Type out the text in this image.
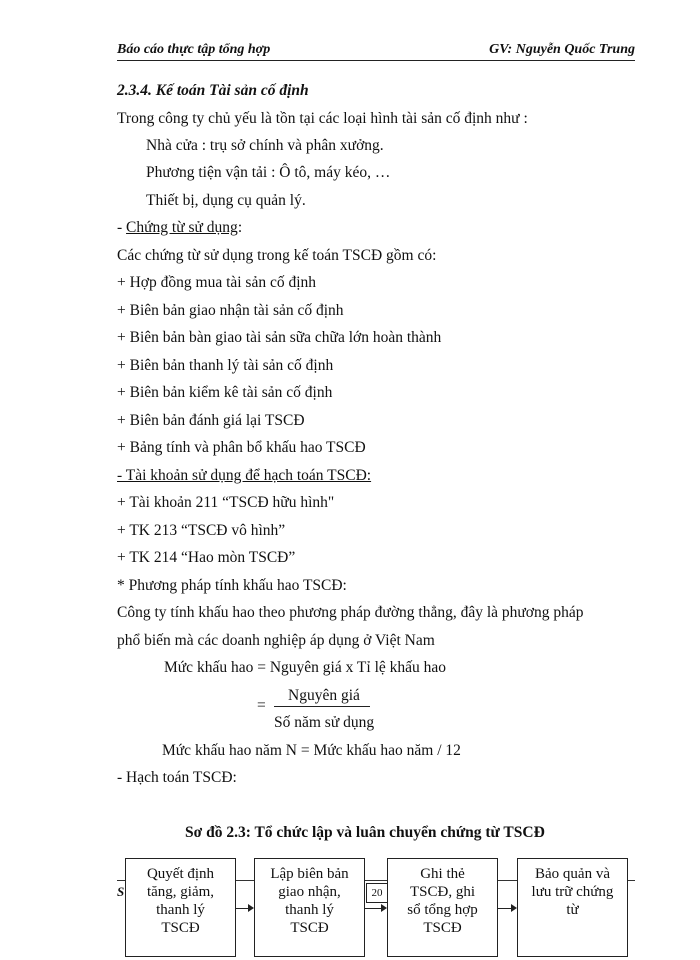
Báo cáo thực tập tổng hợp	GV: Nguyễn Quốc Trung
2.3.4. Kế toán Tài sản cố định
Trong công ty chủ yếu là tồn tại các loại hình tài sản cố định như :
Nhà cửa : trụ sở chính và phân xưởng.
Phương tiện vận tải : Ô tô, máy kéo, …
Thiết bị, dụng cụ quản lý.
- Chứng từ sử dụng:
Các chứng từ sử dụng trong kế toán TSCĐ gồm có:
+ Hợp đồng mua tài sản cố định
+ Biên bản giao nhận tài sản cố định
+ Biên bản bàn giao tài sản sữa chữa lớn hoàn thành
+ Biên bản thanh lý tài sản cố định
+ Biên bản kiểm kê tài sản cố định
+ Biên bản đánh giá lại TSCĐ
+ Bảng tính và phân bổ khấu hao TSCĐ
- Tài khoản sử dụng để hạch toán TSCĐ:
+ Tài khoản 211 “TSCĐ hữu hình"
+ TK 213 “TSCĐ vô hình”
+ TK 214 “Hao mòn TSCĐ”
* Phương pháp tính khấu hao TSCĐ:
Công ty tính khấu hao theo phương pháp đường thẳng, đây là phương pháp
phổ biến mà các doanh nghiệp áp dụng ở Việt Nam
Mức khấu hao = Nguyên giá x Tỉ lệ khấu hao
=
Nguyên giá
Số năm sử dụng
Mức khấu hao năm N = Mức khấu hao năm / 12
- Hạch toán TSCĐ:
Sơ đồ 2.3: Tổ chức lập và luân chuyển chứng từ TSCĐ
S
Quyết định
tăng, giảm,
thanh lý
TSCĐ
Lập biên bản
giao nhận,
thanh lý
TSCĐ
Ghi thẻ
TSCĐ, ghi
sổ tổng hợp
TSCĐ
Bảo quản và
lưu trữ chứng
từ
20
